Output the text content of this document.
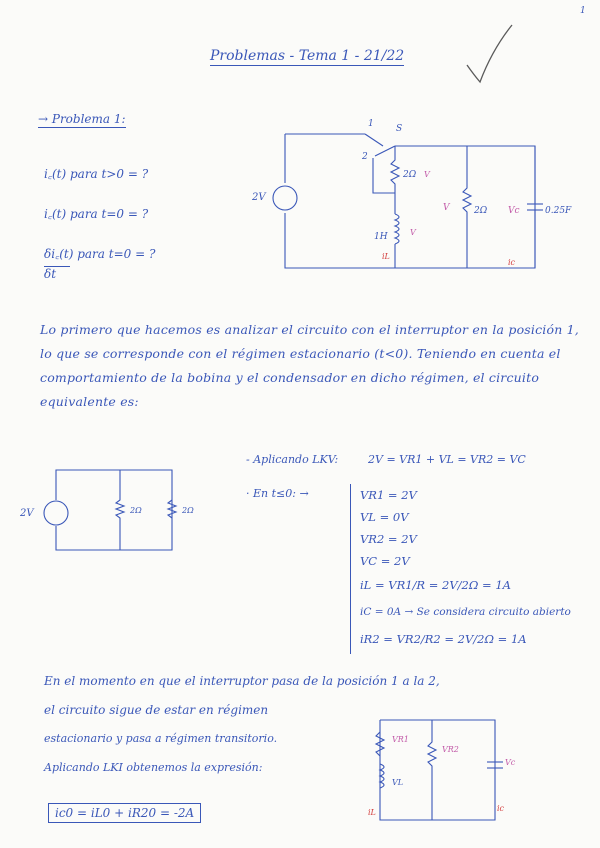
1
Problemas - Tema 1 - 21/22
→ Problema 1:
i꜀(t) para t>0 = ?
i꜀(t) para t=0 = ?
δi꜀(t) para t=0 = ?
δt
1
2
S
2V
2Ω V
1H	V
iL
V	2Ω Vc	0.25F
ic
Lo primero que hacemos es analizar el circuito con el interruptor en la posición 1, lo que se corresponde con el régimen estacionario (t<0). Teniendo en cuenta el comportamiento de la bobina y el condensador en dicho régimen, el circuito equivalente es:
2V	2Ω	2Ω
- Aplicando LKV:	2V = VR1 + VL = VR2 = VC
· En t≤0: →	VR1 = 2V
VL = 0V
VR2 = 2V
VC = 2V
iL = VR1/R = 2V/2Ω = 1A
iC = 0A → Se considera circuito abierto
iR2 = VR2/R2 = 2V/2Ω = 1A
En el momento en que el interruptor pasa de la posición 1 a la 2,
el circuito sigue de estar en régimen
estacionario y pasa a régimen transitorio.
Aplicando LKI obtenemos la expresión:
ic0 = iL0 + iR20 = -2A
VR1
VL
VR2
Vc
iL	ic
